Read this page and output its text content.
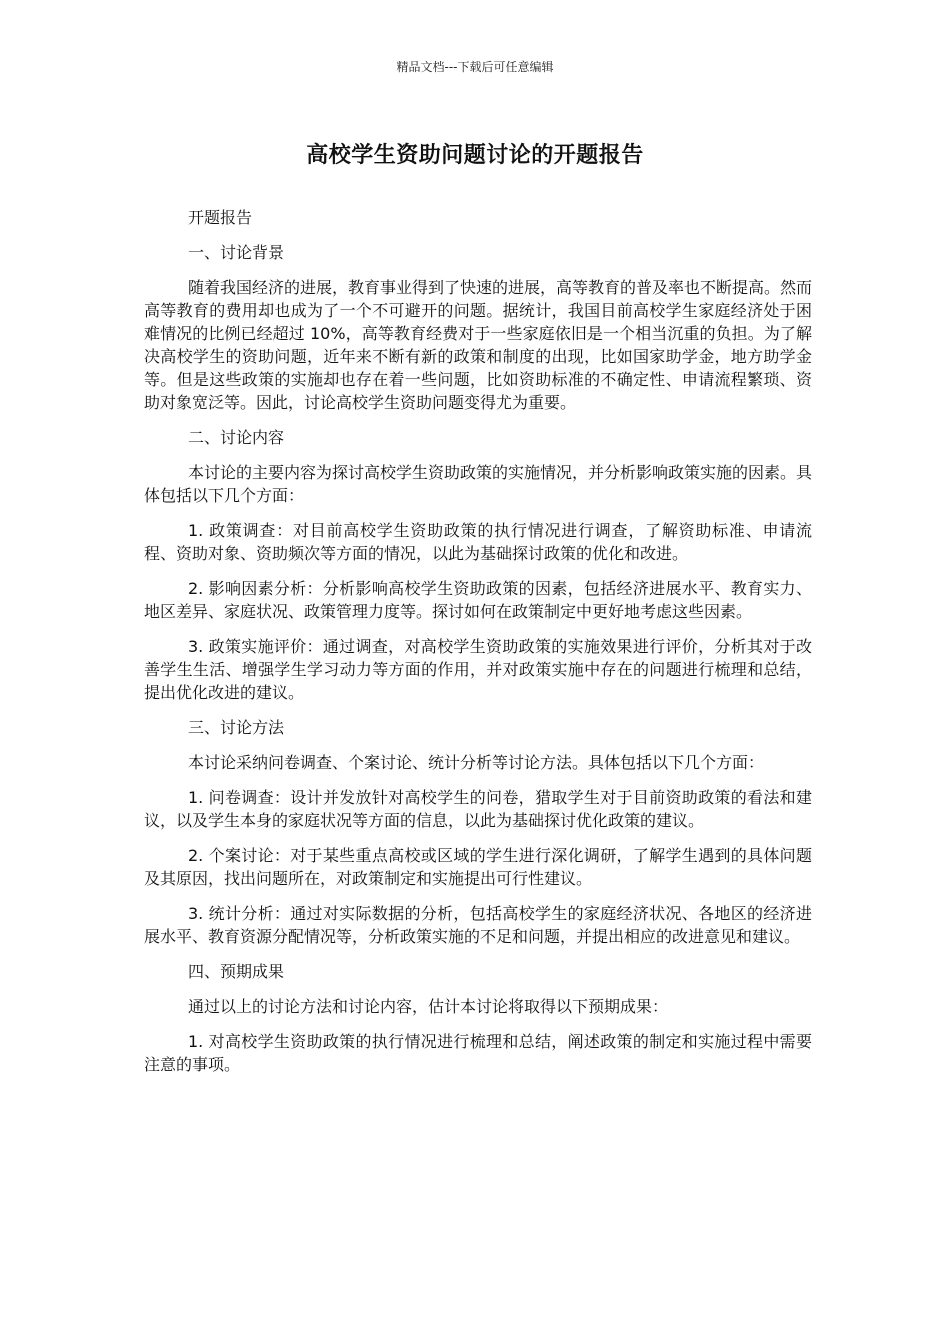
精品文档---下载后可任意编辑
高校学生资助问题讨论的开题报告

开题报告

一、讨论背景

随着我国经济的进展，教育事业得到了快速的进展，高等教育的普及率也不断提高。然而高等教育的费用却也成为了一个不可避开的问题。据统计，我国目前高校学生家庭经济处于困难情况的比例已经超过 10%，高等教育经费对于一些家庭依旧是一个相当沉重的负担。为了解决高校学生的资助问题，近年来不断有新的政策和制度的出现，比如国家助学金，地方助学金等。但是这些政策的实施却也存在着一些问题，比如资助标准的不确定性、申请流程繁琐、资助对象宽泛等。因此，讨论高校学生资助问题变得尤为重要。

二、讨论内容

本讨论的主要内容为探讨高校学生资助政策的实施情况，并分析影响政策实施的因素。具体包括以下几个方面：

1. 政策调查：对目前高校学生资助政策的执行情况进行调查，了解资助标准、申请流程、资助对象、资助频次等方面的情况，以此为基础探讨政策的优化和改进。

2. 影响因素分析：分析影响高校学生资助政策的因素，包括经济进展水平、教育实力、地区差异、家庭状况、政策管理力度等。探讨如何在政策制定中更好地考虑这些因素。

3. 政策实施评价：通过调查，对高校学生资助政策的实施效果进行评价，分析其对于改善学生生活、增强学生学习动力等方面的作用，并对政策实施中存在的问题进行梳理和总结，提出优化改进的建议。

三、讨论方法

本讨论采纳问卷调查、个案讨论、统计分析等讨论方法。具体包括以下几个方面：

1. 问卷调查：设计并发放针对高校学生的问卷，猎取学生对于目前资助政策的看法和建议，以及学生本身的家庭状况等方面的信息，以此为基础探讨优化政策的建议。

2. 个案讨论：对于某些重点高校或区域的学生进行深化调研，了解学生遇到的具体问题及其原因，找出问题所在，对政策制定和实施提出可行性建议。

3. 统计分析：通过对实际数据的分析，包括高校学生的家庭经济状况、各地区的经济进展水平、教育资源分配情况等，分析政策实施的不足和问题，并提出相应的改进意见和建议。

四、预期成果

通过以上的讨论方法和讨论内容，估计本讨论将取得以下预期成果：

1. 对高校学生资助政策的执行情况进行梳理和总结，阐述政策的制定和实施过程中需要注意的事项。
